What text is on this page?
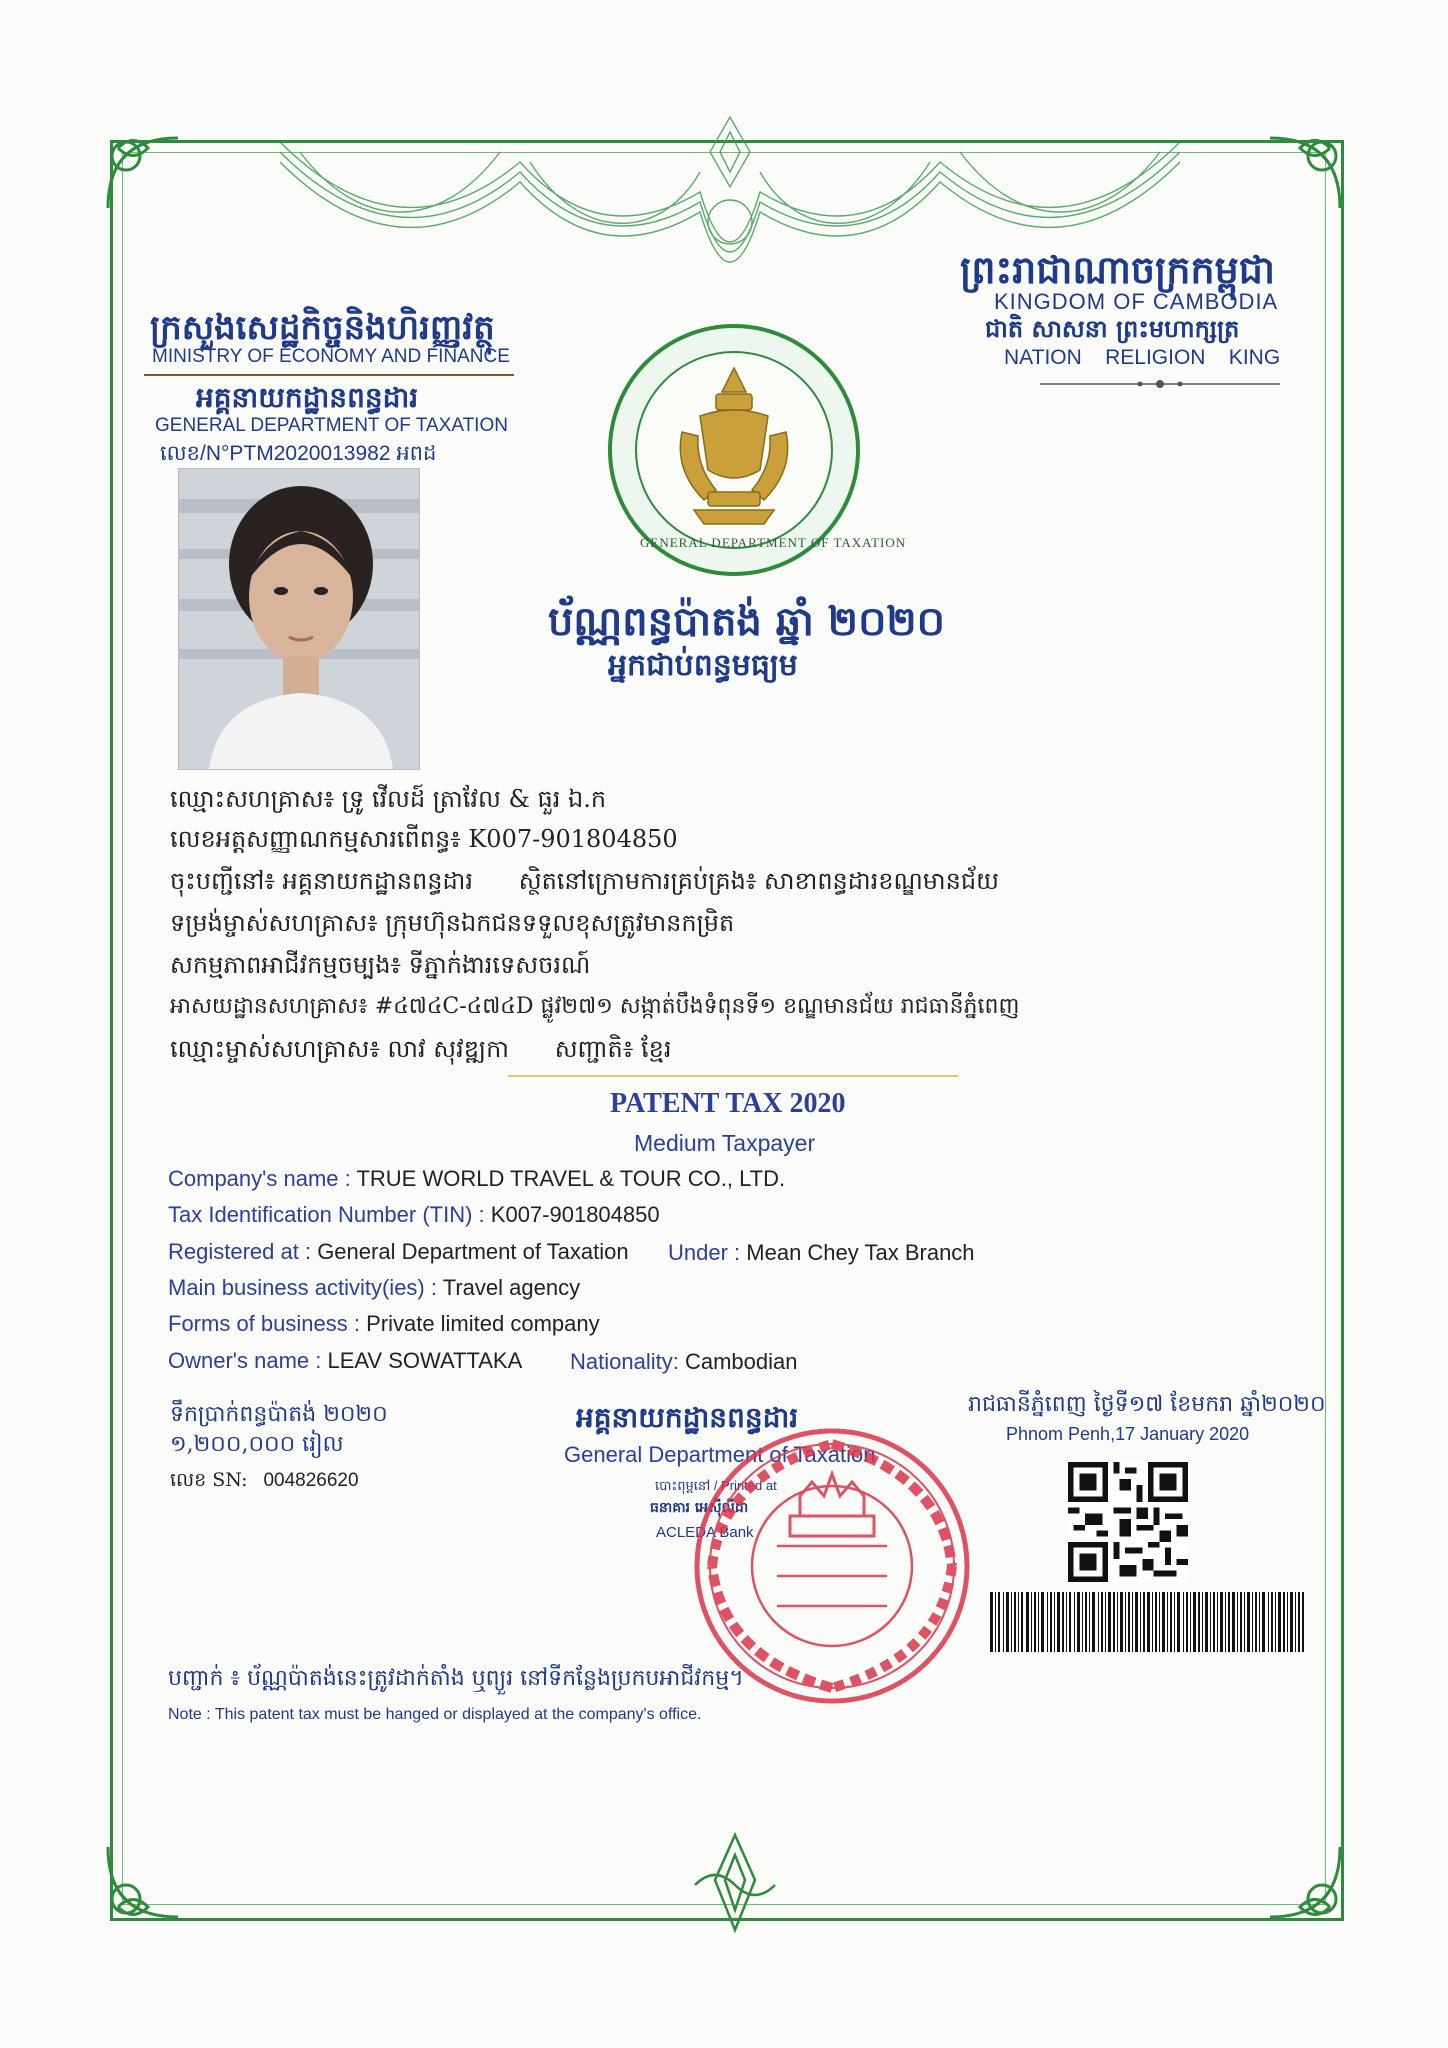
ព្រះរាជាណាចក្រកម្ពុជា
KINGDOM OF CAMBODIA
ជាតិ សាសនា ព្រះមហាក្សត្រ
NATION    RELIGION    KING
ក្រសួងសេដ្ឋកិច្ចនិងហិរញ្ញវត្ថុ
MINISTRY OF ECONOMY AND FINANCE
អគ្គនាយកដ្ឋានពន្ធដារ
GENERAL DEPARTMENT OF TAXATION
លេខ/N°PTM2020013982 អពដ
GENERAL DEPARTMENT OF TAXATION
ប័ណ្ណពន្ធប៉ាតង់ ឆ្នាំ ២០២០
អ្នកជាប់ពន្ធមធ្យម
ឈ្មោះសហគ្រាស៖ ទ្រូ វើលដ៍ ត្រាវែល & ធួរ ឯ.ក
លេខអត្តសញ្ញាណកម្មសារពើពន្ធ៖ K007-901804850
ចុះបញ្ជីនៅ៖ អគ្គនាយកដ្ឋានពន្ធដារ      ស្ថិតនៅក្រោមការគ្រប់គ្រង៖ សាខាពន្ធដារខណ្ឌមានជ័យ
ទម្រង់ម្ចាស់សហគ្រាស៖ ក្រុមហ៊ុនឯកជនទទួលខុសត្រូវមានកម្រិត
សកម្មភាពអាជីវកម្មចម្បង៖ ទីភ្នាក់ងារទេសចរណ៍
អាសយដ្ឋានសហគ្រាស៖ #៤៧៤C-៤៧៤D ផ្លូវ២៧១ សង្កាត់បឹងទំពុនទី១ ខណ្ឌមានជ័យ រាជធានីភ្នំពេញ
ឈ្មោះម្ចាស់សហគ្រាស៖ លាវ សុវឌ្ឍកា      សញ្ជាតិ៖ ខ្មែរ
PATENT TAX 2020
Medium Taxpayer
Company's name : TRUE WORLD TRAVEL & TOUR CO., LTD.
Tax Identification Number (TIN) : K007-901804850
Registered at : General Department of Taxation Under : Mean Chey Tax Branch
Main business activity(ies) : Travel agency
Forms of business : Private limited company
Owner's name : LEAV SOWATTAKA Nationality: Cambodian
ទឹកប្រាក់ពន្ធប៉ាតង់ ២០២០
១,២០០,០០០ រៀល
លេខ SN: 004826620
អគ្គនាយកដ្ឋានពន្ធដារ
General Department of Taxation
បោះពុម្ពនៅ / Printed at
ធនាគារ អេស៊ីលីដា
ACLEDA Bank
រាជធានីភ្នំពេញ ថ្ងៃទី១៧ ខែមករា ឆ្នាំ២០២០
Phnom Penh,17 January 2020
បញ្ជាក់ ៖ ប័ណ្ណប៉ាតង់នេះត្រូវដាក់តាំង ឬព្យួរ នៅទីកន្លែងប្រកបអាជីវកម្ម។
Note : This patent tax must be hanged or displayed at the company's office.
